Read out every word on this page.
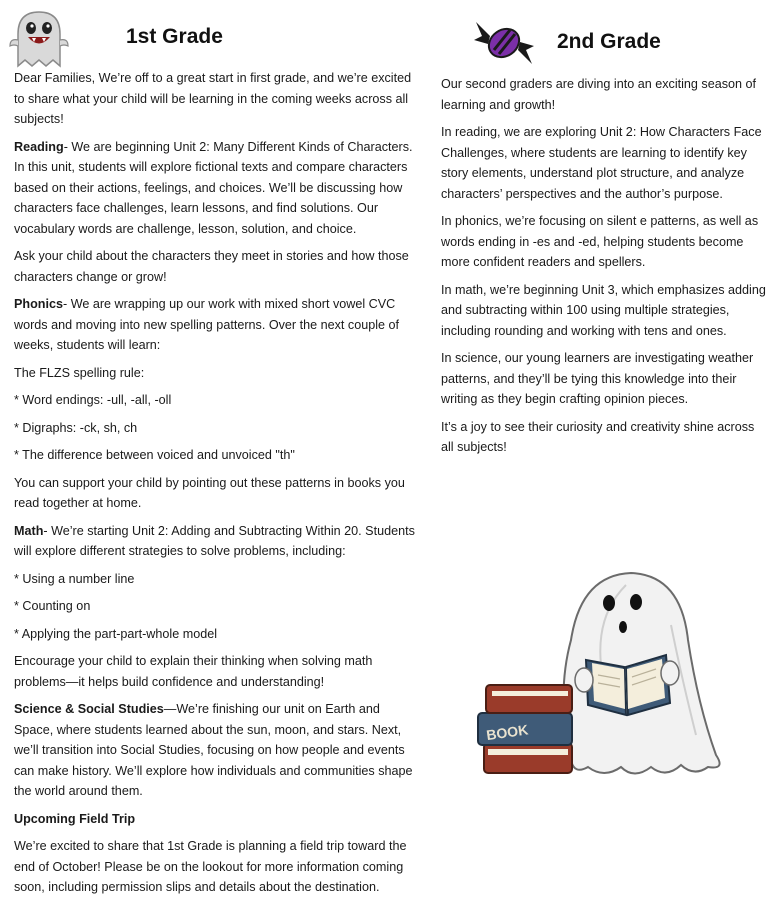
1st Grade

Dear Families, We’re off to a great start in first grade, and we’re excited to share what your child will be learning in the coming weeks across all subjects!

Reading- We are beginning Unit 2: Many Different Kinds of Characters. In this unit, students will explore fictional texts and compare characters based on their actions, feelings, and choices. We’ll be discussing how characters face challenges, learn lessons, and find solutions. Our vocabulary words are challenge, lesson, solution, and choice.

Ask your child about the characters they meet in stories and how those characters change or grow!

Phonics- We are wrapping up our work with mixed short vowel CVC words and moving into new spelling patterns. Over the next couple of weeks, students will learn:

The FLZS spelling rule:

* Word endings: -ull, -all, -oll

* Digraphs: -ck, sh, ch

* The difference between voiced and unvoiced "th"

You can support your child by pointing out these patterns in books you read together at home.

Math- We’re starting Unit 2: Adding and Subtracting Within 20. Students will explore different strategies to solve problems, including:

* Using a number line

* Counting on

* Applying the part-part-whole model

Encourage your child to explain their thinking when solving math problems—it helps build confidence and understanding!

Science & Social Studies—We’re finishing our unit on Earth and Space, where students learned about the sun, moon, and stars. Next, we’ll transition into Social Studies, focusing on how people and events can make history. We’ll explore how individuals and communities shape the world around them.

Upcoming Field Trip

We’re excited to share that 1st Grade is planning a field trip toward the end of October! Please be on the lookout for more information coming soon, including permission slips and details about the destination.

2nd Grade

Our second graders are diving into an exciting season of learning and growth!

In reading, we are exploring Unit 2: How Characters Face Challenges, where students are learning to identify key story elements, understand plot structure, and analyze characters’ perspectives and the author’s purpose.

In phonics, we’re focusing on silent e patterns, as well as words ending in -es and -ed, helping students become more confident readers and spellers.

In math, we’re beginning Unit 3, which emphasizes adding and subtracting within 100 using multiple strategies, including rounding and working with tens and ones.

In science, our young learners are investigating weather patterns, and they’ll be tying this knowledge into their writing as they begin crafting opinion pieces.

It’s a joy to see their curiosity and creativity shine across all subjects!

BOOK
